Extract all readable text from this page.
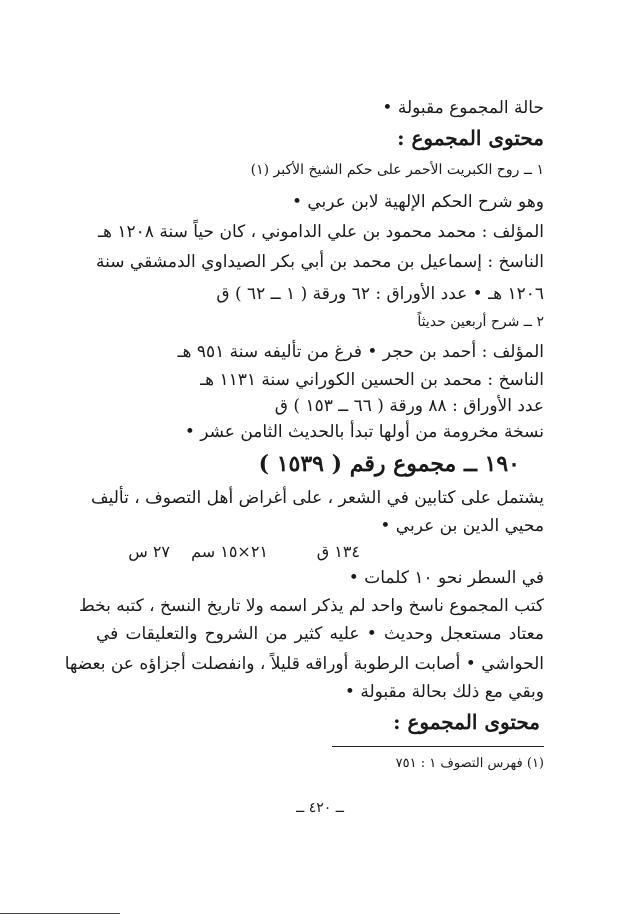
حالة المجموع مقبولة •
محتوى المجموع :
١ ــ روح الكبريت الأحمر على حكم الشيخ الأكبر (١)
وهو شرح الحكم الإلهية لابن عربي •
المؤلف : محمد محمود بن علي الداموني ، كان حياً سنة ١٢٠٨ هـ
الناسخ : إسماعيل بن محمد بن أبي بكر الصيداوي الدمشقي سنة
١٢٠٦ هـ • عدد الأوراق : ٦٢ ورقة ( ١ ــ ٦٢ ) ق
٢ ــ شرح أربعين حديثاً
المؤلف : أحمد بن حجر • فرغ من تأليفه سنة ٩٥١ هـ
الناسخ : محمد بن الحسين الكوراني سنة ١١٣١ هـ
عدد الأوراق : ٨٨ ورقة ( ٦٦ ــ ١٥٣ ) ق
نسخة مخرومة من أولها تبدأ بالحديث الثامن عشر •
١٩٠ ــ مجموع رقم ( ١٥٣٩ )
يشتمل على كتابين في الشعر ، على أغراض أهل التصوف ، تأليف
محيي الدين بن عربي •
١٣٤ ق
٢١×١٥ سم
٢٧ س
في السطر نحو ١٠ كلمات •
كتب المجموع ناسخ واحد لم يذكر اسمه ولا تاريخ النسخ ، كتبه بخط
معتاد مستعجل وحديث • عليه كثير من الشروح والتعليقات في
الحواشي • أصابت الرطوبة أوراقه قليلاً ، وانفصلت أجزاؤه عن بعضها
وبقي مع ذلك بحالة مقبولة •
محتوى المجموع :
(١) فهرس التصوف ١ : ٧٥١
ــ ٤٢٠ ــ
